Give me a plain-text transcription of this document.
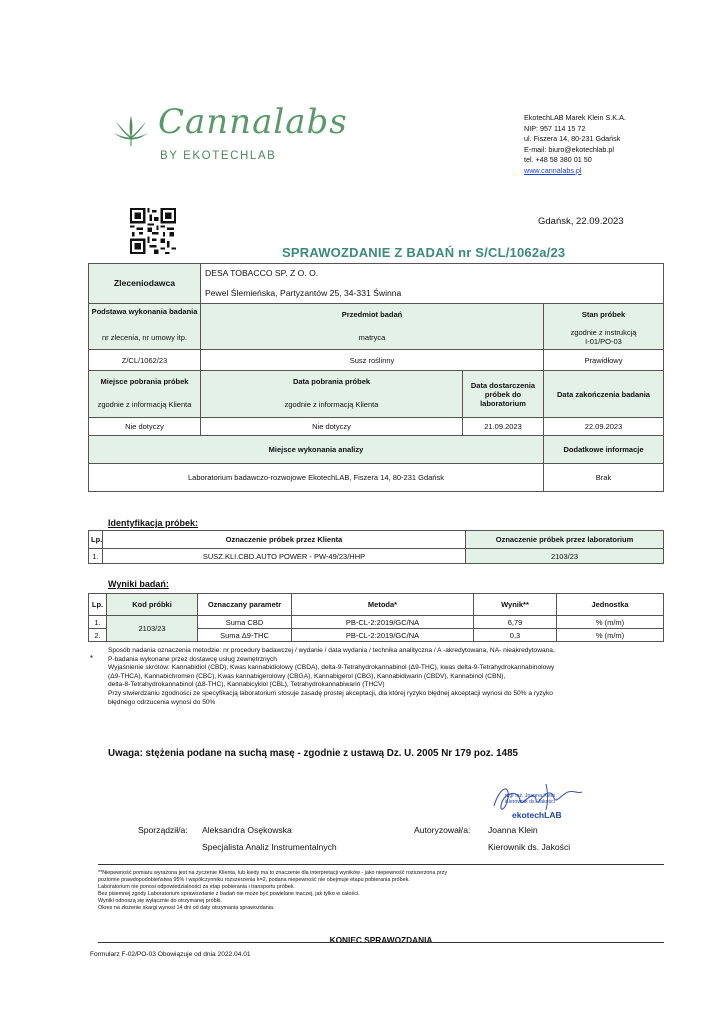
Cannalabs
BY EKOTECHLAB
EkotechLAB Marek Klein S.K.A.
NIP: 957 114 15 72
ul. Fiszera 14, 80-231 Gdańsk
E-mail: biuro@ekotechlab.pl
tel. +48 58 380 01 50
www.cannalabs.pl
Gdańsk, 22.09.2023
SPRAWOZDANIE Z BADAŃ nr S/CL/1062a/23
Zleceniodawca	DESA TOBACCO SP. Z O. O.		
	Pewel Ślemieńska, Partyzantów 25, 34-331 Świnna		
Podstawa wykonania badania	Przedmiot badań		Stan próbek
nr zlecenia, nr umowy itp.	matryca		zgodnie z instrukcją
I-01/PO-03
Z/CL/1062/23	Susz roślinny		Prawidłowy
Miejsce pobrania próbek	Data pobrania próbek	Data dostarczenia próbek do laboratorium	Data zakończenia badania
zgodnie z informacją Klienta	zgodnie z informacją Klienta		
Nie dotyczy	Nie dotyczy	21.09.2023	22.09.2023
Miejsce wykonania analizy			Dodatkowe informacje
Laboratorium badawczo-rozwojowe EkotechLAB, Fiszera 14, 80-231 Gdańsk			Brak
Identyfikacja próbek:
Lp.	Oznaczenie próbek przez Klienta	Oznaczenie próbek przez laboratorium
1.	SUSZ.KLI.CBD.AUTO POWER - PW-49/23/HHP	2103/23
Wyniki badań:
Lp.	Kod próbki	Oznaczany parametr	Metoda*	Wynik**	Jednostka
1.	2103/23	Suma CBD	PB-CL-2:2019/GC/NA	6,79	% (m/m)
2.		Suma Δ9-THC	PB-CL-2:2019/GC/NA	0,3	% (m/m)
*
Sposób nadania oznaczenia metodzie: nr procedury badawczej / wydanie / data wydania / technika analityczna / A -akredytowana, NA- nieakredytowana,
P-badania wykonane przez dostawcę usług zewnętrznych
Wyjaśnienie skrótów: Kannabidiol (CBD), Kwas kannabidiolowy (CBDA), delta-9-Tetrahydrokannabinol (Δ9-THC), kwas delta-9-Tetrahydrokannabinolowy
(Δ9-THCA), Kannabichromen (CBC), Kwas kannabigerolowy (CBGA), Kannabigerol (CBG), Kannabidiwarin (CBDV), Kannabinol (CBN),
delta-8-Tetrahydrokannabinol (Δ8-THC), Kannabicyklol (CBL), Tetrahydrokannabiwarin (THCV)
Przy stwierdzaniu zgodności ze specyfikacją laboratorium stosuje zasadę prostej akceptacji, dla której ryzyko błędnej akceptacji wynosi do 50% a ryzyko
błędnego odrzucenia wynosi do 50%
Uwaga: stężenia podane na suchą masę - zgodnie z ustawą Dz. U. 2005 Nr 179 poz. 1485
mgr inż. Joanna Klein
Kierownik ds. Jakości
ekotechLAB
Sporządził/a: Aleksandra Osękowska
Specjalista Analiz Instrumentalnych
Autoryzował/a: Joanna Klein
Kierownik ds. Jakości
**Niepewność pomiaru wyrażona jest na życzenie Klienta, lub kiedy ma to znaczenie dla interpretacji wyników - jako niepewność rozszerzona przy
poziomie prawdopodobieństwa 95% i współczynniku rozszerzenia k=2, podana niepewność nie obejmuje etapu pobierania próbek.
Laboratorium nie ponosi odpowiedzialności za etap pobierania i transportu próbek.
Bez pisemnej zgody Laboratorium sprawozdanie z badań nie może być powielane inaczej, jak tylko w całości.
Wyniki odnoszą się wyłącznie do otrzymanej próbki.
Okres na złożenie skargi wynosi 14 dni od daty otrzymania sprawozdania.
KONIEC SPRAWOZDANIA
Formularz F-02/PO-03 Obowiązuje od dnia 2022.04.01
